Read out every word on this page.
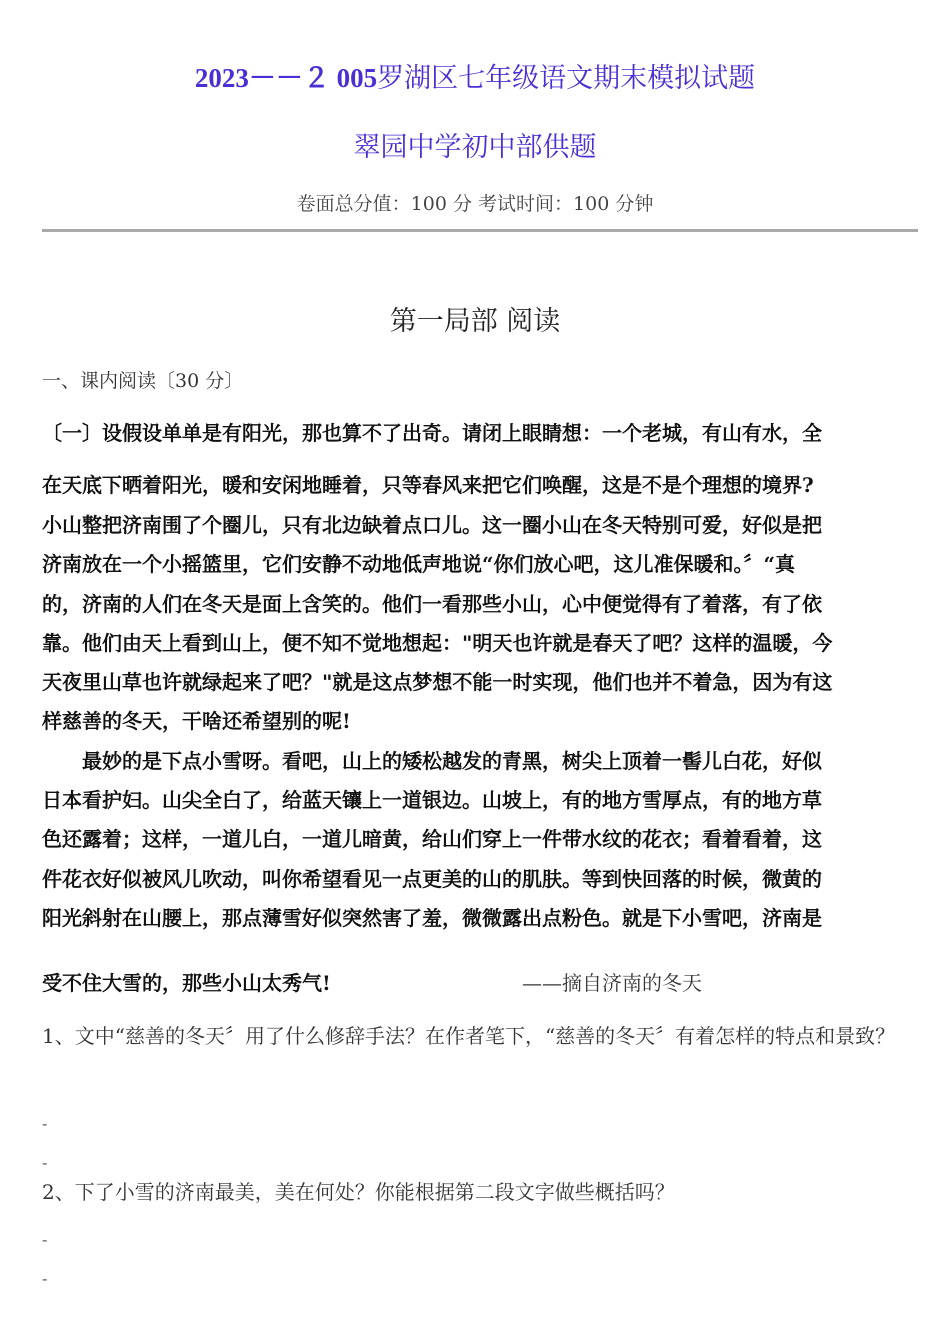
2023－－２ 005罗湖区七年级语文期末模拟试题
翠园中学初中部供题
卷面总分值：100 分 考试时间：100 分钟
第一局部 阅读
一、课内阅读〔30 分〕
〔一〕设假设单单是有阳光，那也算不了出奇。请闭上眼睛想：一个老城，有山有水，全
在天底下晒着阳光，暖和安闲地睡着，只等春风来把它们唤醒，这是不是个理想的境界?
小山整把济南围了个圈儿，只有北边缺着点口儿。这一圈小山在冬天特别可爱，好似是把
济南放在一个小摇篮里，它们安静不动地低声地说“你们放心吧，这儿准保暖和。〞“真
的，济南的人们在冬天是面上含笑的。他们一看那些小山，心中便觉得有了着落，有了依
靠。他们由天上看到山上，便不知不觉地想起："明天也许就是春天了吧？这样的温暖，今
天夜里山草也许就绿起来了吧？"就是这点梦想不能一时实现，他们也并不着急，因为有这
样慈善的冬天，干啥还希望别的呢!
　　最妙的是下点小雪呀。看吧，山上的矮松越发的青黑，树尖上顶着一髻儿白花，好似
日本看护妇。山尖全白了，给蓝天镶上一道银边。山坡上，有的地方雪厚点，有的地方草
色还露着；这样，一道儿白，一道儿暗黄，给山们穿上一件带水纹的花衣；看着看着，这
件花衣好似被风儿吹动，叫你希望看见一点更美的山的肌肤。等到快回落的时候，微黄的
阳光斜射在山腰上，那点薄雪好似突然害了羞，微微露出点粉色。就是下小雪吧，济南是
受不住大雪的，那些小山太秀气!	——摘自济南的冬天
1、文中“慈善的冬天〞用了什么修辞手法？在作者笔下，“慈善的冬天〞有着怎样的特点和景致？
-
-
2、下了小雪的济南最美，美在何处？你能根据第二段文字做些概括吗？
-
-
